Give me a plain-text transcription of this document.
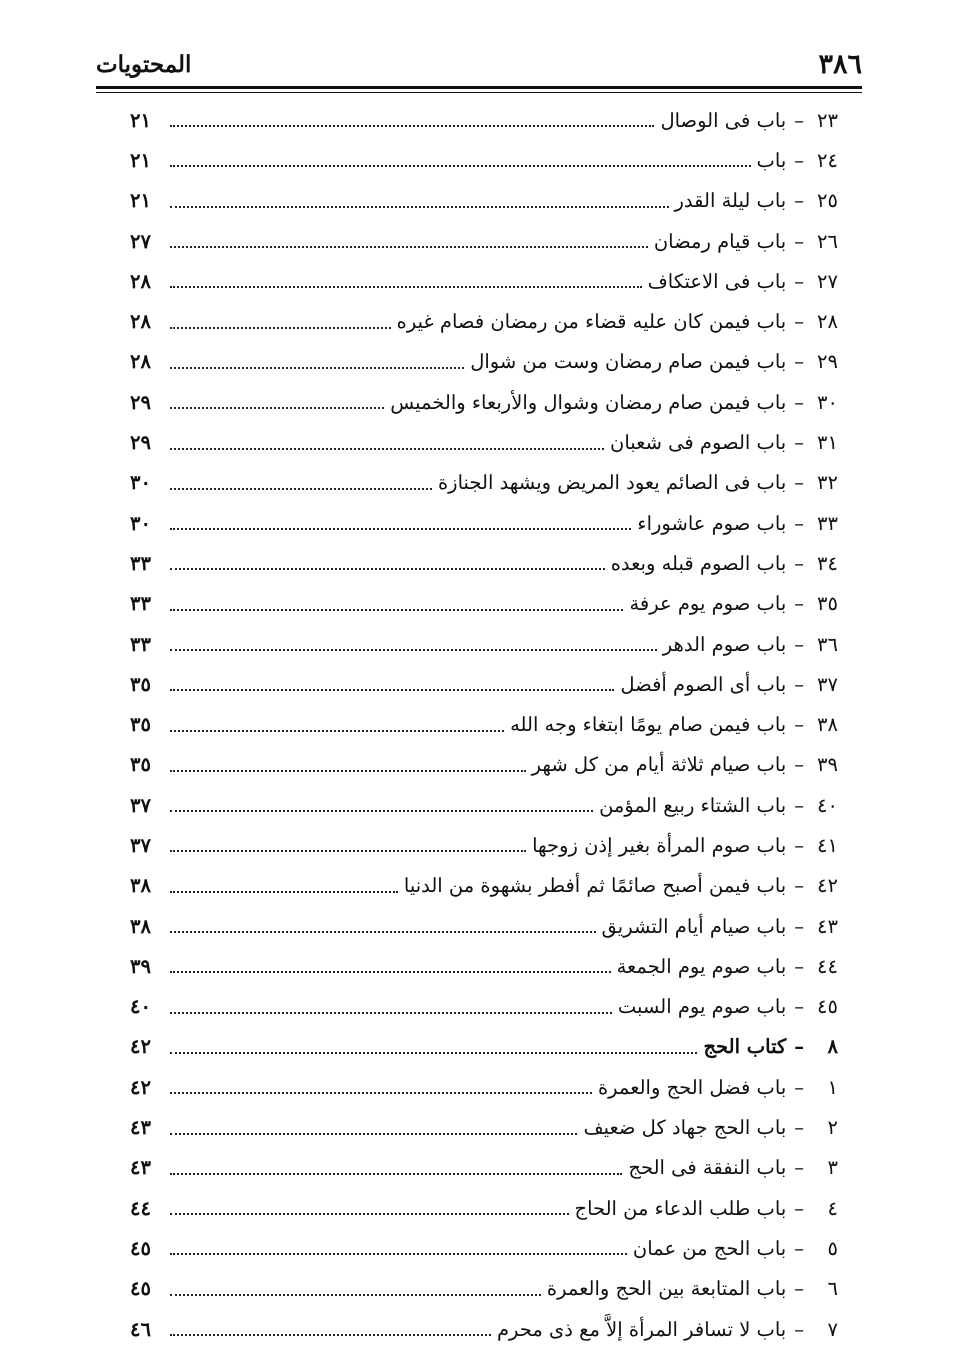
٣٨٦
المحتويات
٢٣
–
باب فى الوصال
٢١
٢٤
–
باب
٢١
٢٥
–
باب ليلة القدر
٢١
٢٦
–
باب قيام رمضان
٢٧
٢٧
–
باب فى الاعتكاف
٢٨
٢٨
–
باب فيمن كان عليه قضاء من رمضان فصام غيره
٢٨
٢٩
–
باب فيمن صام رمضان وست من شوال
٢٨
٣٠
–
باب فيمن صام رمضان وشوال والأربعاء والخميس
٢٩
٣١
–
باب الصوم فى شعبان
٢٩
٣٢
–
باب فى الصائم يعود المريض ويشهد الجنازة
٣٠
٣٣
–
باب صوم عاشوراء
٣٠
٣٤
–
باب الصوم قبله وبعده
٣٣
٣٥
–
باب صوم يوم عرفة
٣٣
٣٦
–
باب صوم الدهر
٣٣
٣٧
–
باب أى الصوم أفضل
٣٥
٣٨
–
باب فيمن صام يومًا ابتغاء وجه الله
٣٥
٣٩
–
باب صيام ثلاثة أيام من كل شهر
٣٥
٤٠
–
باب الشتاء ربيع المؤمن
٣٧
٤١
–
باب صوم المرأة بغير إذن زوجها
٣٧
٤٢
–
باب فيمن أصبح صائمًا ثم أفطر بشهوة من الدنيا
٣٨
٤٣
–
باب صيام أيام التشريق
٣٨
٤٤
–
باب صوم يوم الجمعة
٣٩
٤٥
–
باب صوم يوم السبت
٤٠
٨
–
كتاب الحج
٤٢
١
–
باب فضل الحج والعمرة
٤٢
٢
–
باب الحج جهاد كل ضعيف
٤٣
٣
–
باب النفقة فى الحج
٤٣
٤
–
باب طلب الدعاء من الحاج
٤٤
٥
–
باب الحج من عمان
٤٥
٦
–
باب المتابعة بين الحج والعمرة
٤٥
٧
–
باب لا تسافر المرأة إلاَّ مع ذى محرم
٤٦
